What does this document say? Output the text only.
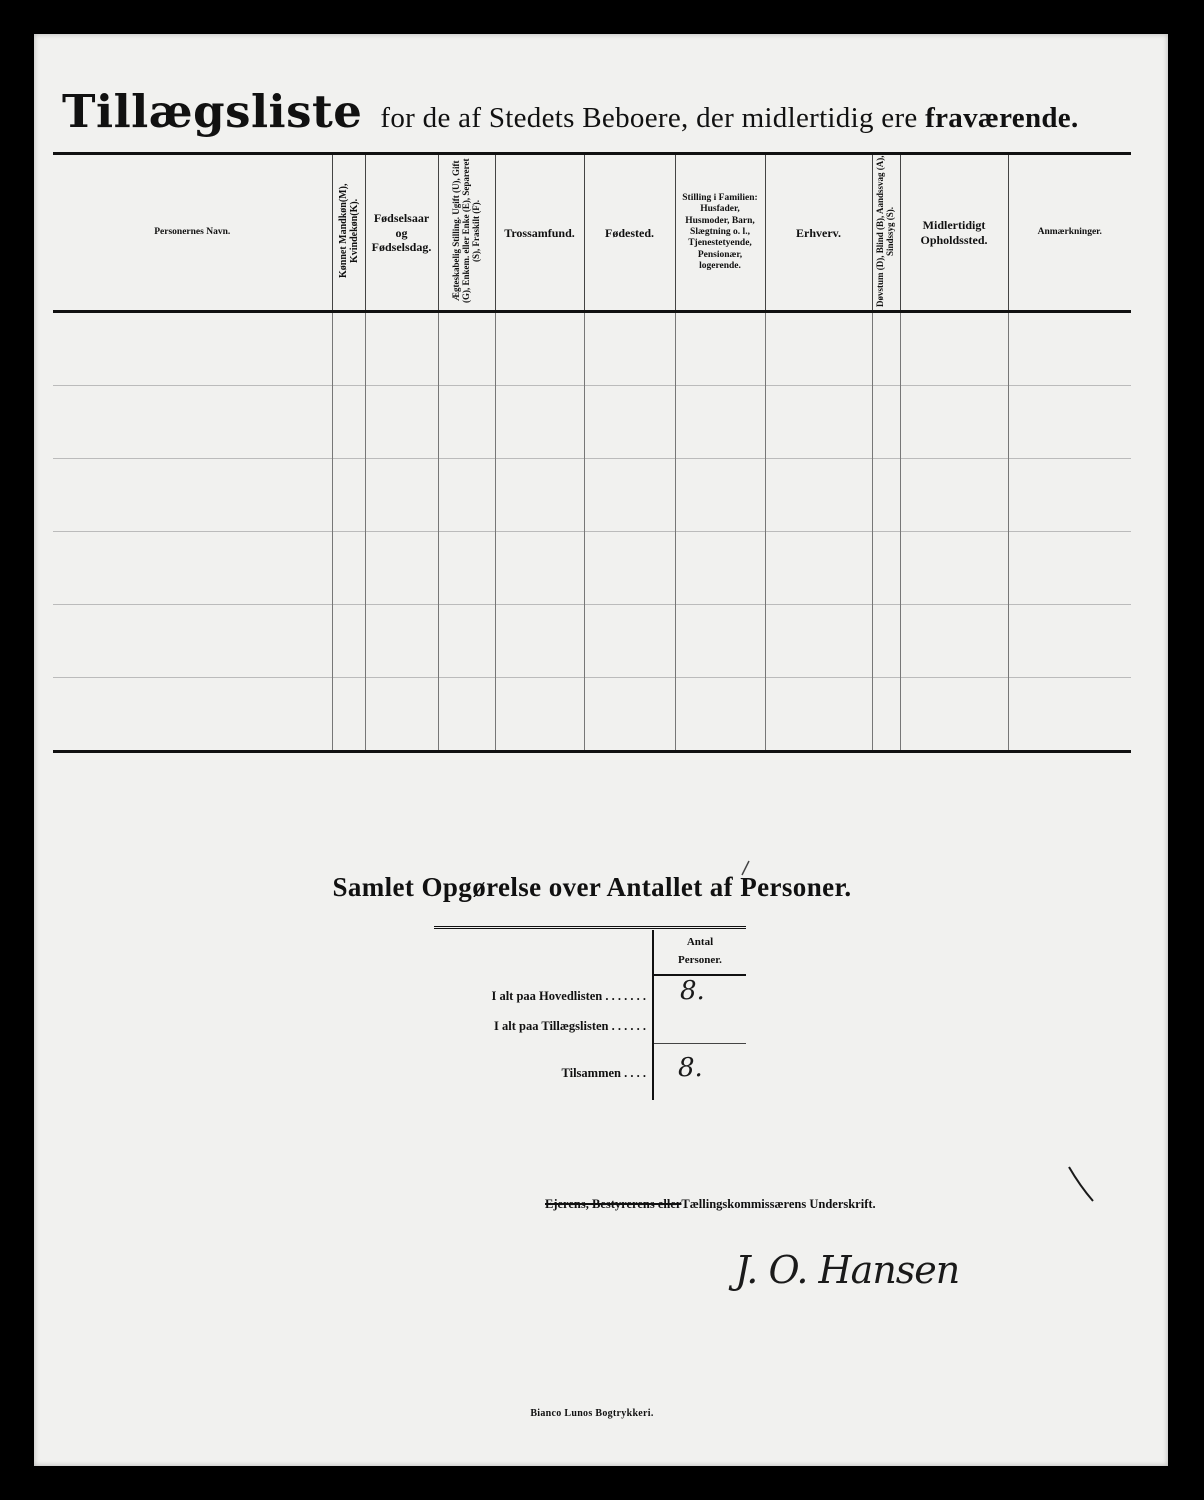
Tillægsliste for de af Stedets Beboere, der midlertidig ere fraværende.
Personernes Navn.	Kønnet Mandkøn(M), Kvindekøn(K).	Fødselsaar og Fødselsdag.	Ægteskabelig Stilling. Ugift (U), Gift (G), Enkem. eller Enke (E), Separeret (S), Fraskilt (F).	Trossamfund.	Fødested.	Stilling i Familien: Husfader, Husmoder, Barn, Slægtning o. l., Tjenestetyende, Pensionær, logerende.	Erhverv.	Døvstum (D), Blind (B), Aandssvag (A), Sindssyg (S).	Midlertidigt Opholdssted.	Anmærkninger.

Samlet Opgørelse over Antallet af Personer.
Antal
Personer.
I alt paa Hovedlisten . . . . . . . 8.
I alt paa Tillægslisten . . . . . .
Tilsammen . . . . 8.
Ejerens, Bestyrerens ellerTællingskommissærens Underskrift.
J. O. Hansen
Bianco Lunos Bogtrykkeri.
